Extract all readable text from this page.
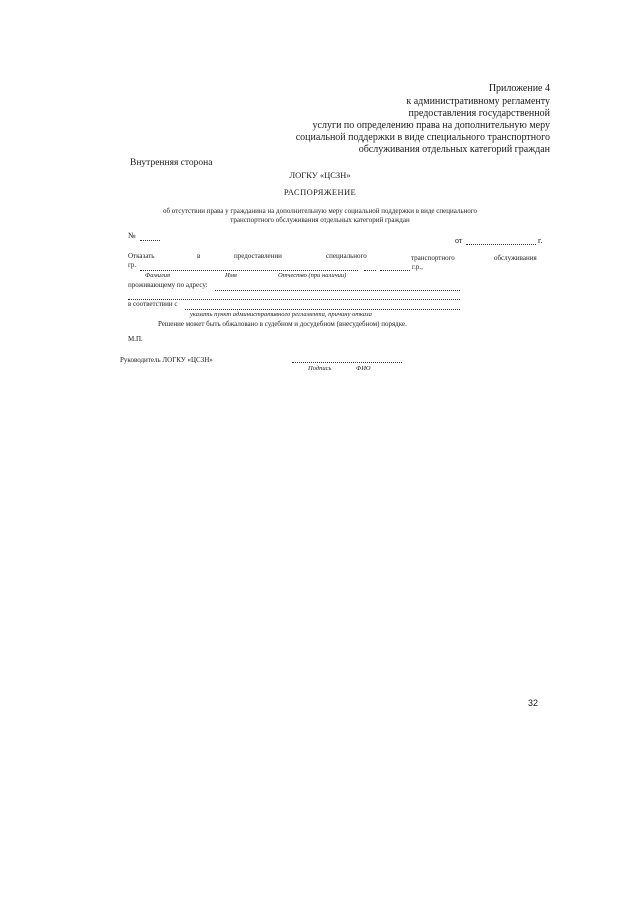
Приложение 4
к административному регламенту
предоставления государственной
услуги по определению права на дополнительную меру
социальной поддержки в виде специального транспортного
обслуживания отдельных категорий граждан
Внутренняя сторона
ЛОГКУ «ЦСЗН»
РАСПОРЯЖЕНИЕ
об отсутствии права у гражданина на дополнительную меру социальной поддержки в виде специального
транспортного обслуживания отдельных категорий граждан
№
от	г.
Отказать	в	предоставлении	специального	транспортного	обслуживания
гр.	г.р.,
Фамилия	Имя	Отчество (при наличии)
проживающему по адресу:
в соответствии с
указать пункт административного регламента, причину отказа
Решение может быть обжаловано в судебном и досудебном (внесудебном) порядке.
М.П.
Руководитель ЛОГКУ «ЦСЗН»
Подпись	ФИО
32
